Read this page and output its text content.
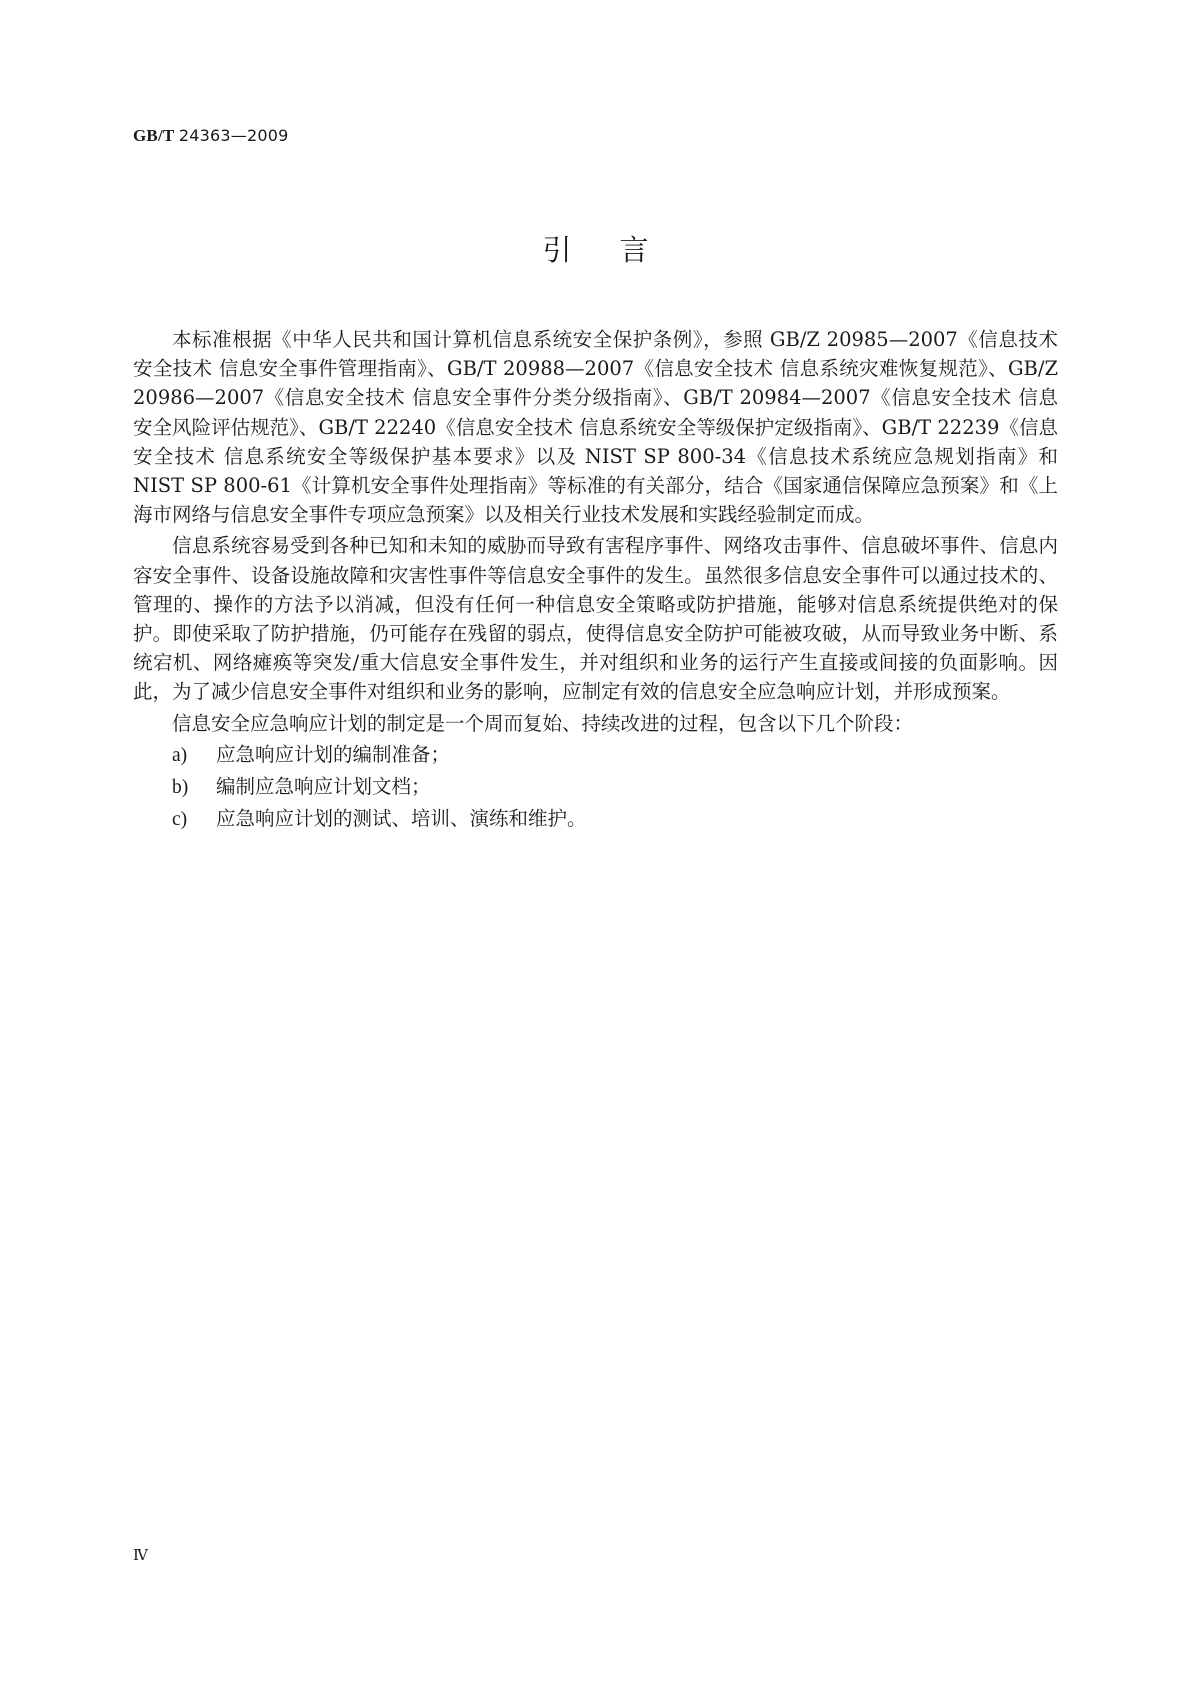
GB/T 24363—2009
引言

本标准根据《中华人民共和国计算机信息系统安全保护条例》，参照 GB/Z 20985—2007《信息技术 安全技术 信息安全事件管理指南》、GB/T 20988—2007《信息安全技术 信息系统灾难恢复规范》、GB/Z 20986—2007《信息安全技术 信息安全事件分类分级指南》、GB/T 20984—2007《信息安全技术 信息安全风险评估规范》、GB/T 22240《信息安全技术 信息系统安全等级保护定级指南》、GB/T 22239《信息安全技术 信息系统安全等级保护基本要求》以及 NIST SP 800-34《信息技术系统应急规划指南》和 NIST SP 800-61《计算机安全事件处理指南》等标准的有关部分，结合《国家通信保障应急预案》和《上海市网络与信息安全事件专项应急预案》以及相关行业技术发展和实践经验制定而成。

信息系统容易受到各种已知和未知的威胁而导致有害程序事件、网络攻击事件、信息破坏事件、信息内容安全事件、设备设施故障和灾害性事件等信息安全事件的发生。虽然很多信息安全事件可以通过技术的、管理的、操作的方法予以消减，但没有任何一种信息安全策略或防护措施，能够对信息系统提供绝对的保护。即使采取了防护措施，仍可能存在残留的弱点，使得信息安全防护可能被攻破，从而导致业务中断、系统宕机、网络瘫痪等突发/重大信息安全事件发生，并对组织和业务的运行产生直接或间接的负面影响。因此，为了减少信息安全事件对组织和业务的影响，应制定有效的信息安全应急响应计划，并形成预案。

信息安全应急响应计划的制定是一个周而复始、持续改进的过程，包含以下几个阶段：

a) 应急响应计划的编制准备；
b) 编制应急响应计划文档；
c) 应急响应计划的测试、培训、演练和维护。
Ⅳ
